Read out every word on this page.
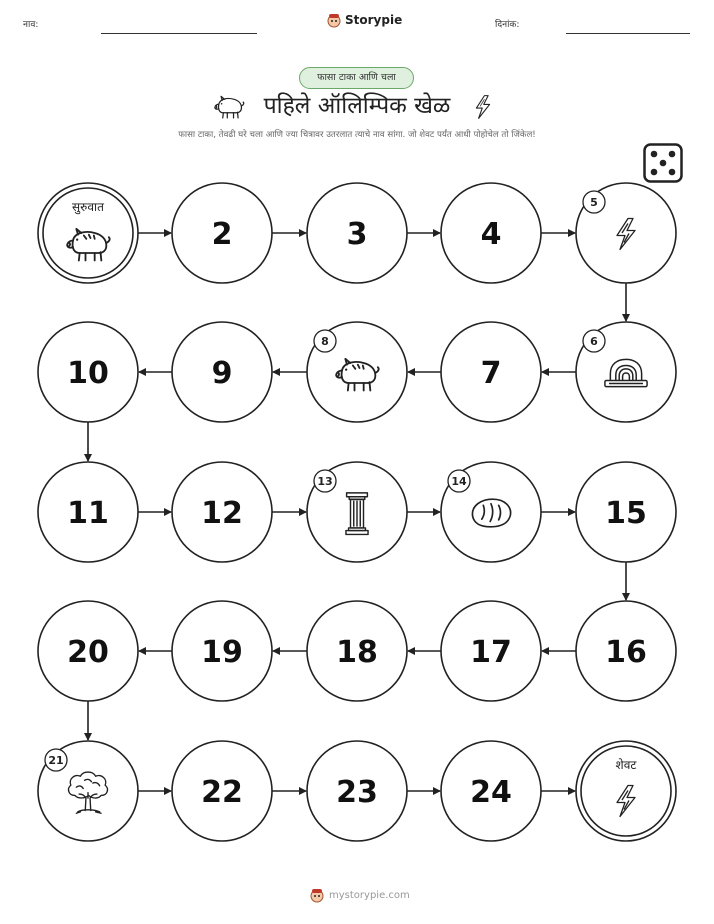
नाव:	Storypie	दिनांक:
फासा टाका आणि चला
पहिले ऑलिम्पिक खेळ
फासा टाका, तेवढी घरे चला आणि ज्या चित्रावर उतरलात त्याचे नाव सांगा. जो शेवट पर्यंत आधी पोहोचेल तो जिंकेल!
सुरुवात
2	3	4
5
6
7
8
9
10
11	12
13	14
15
16
17
18
19
20
21
22	23	24
शेवट
mystorypie.com
